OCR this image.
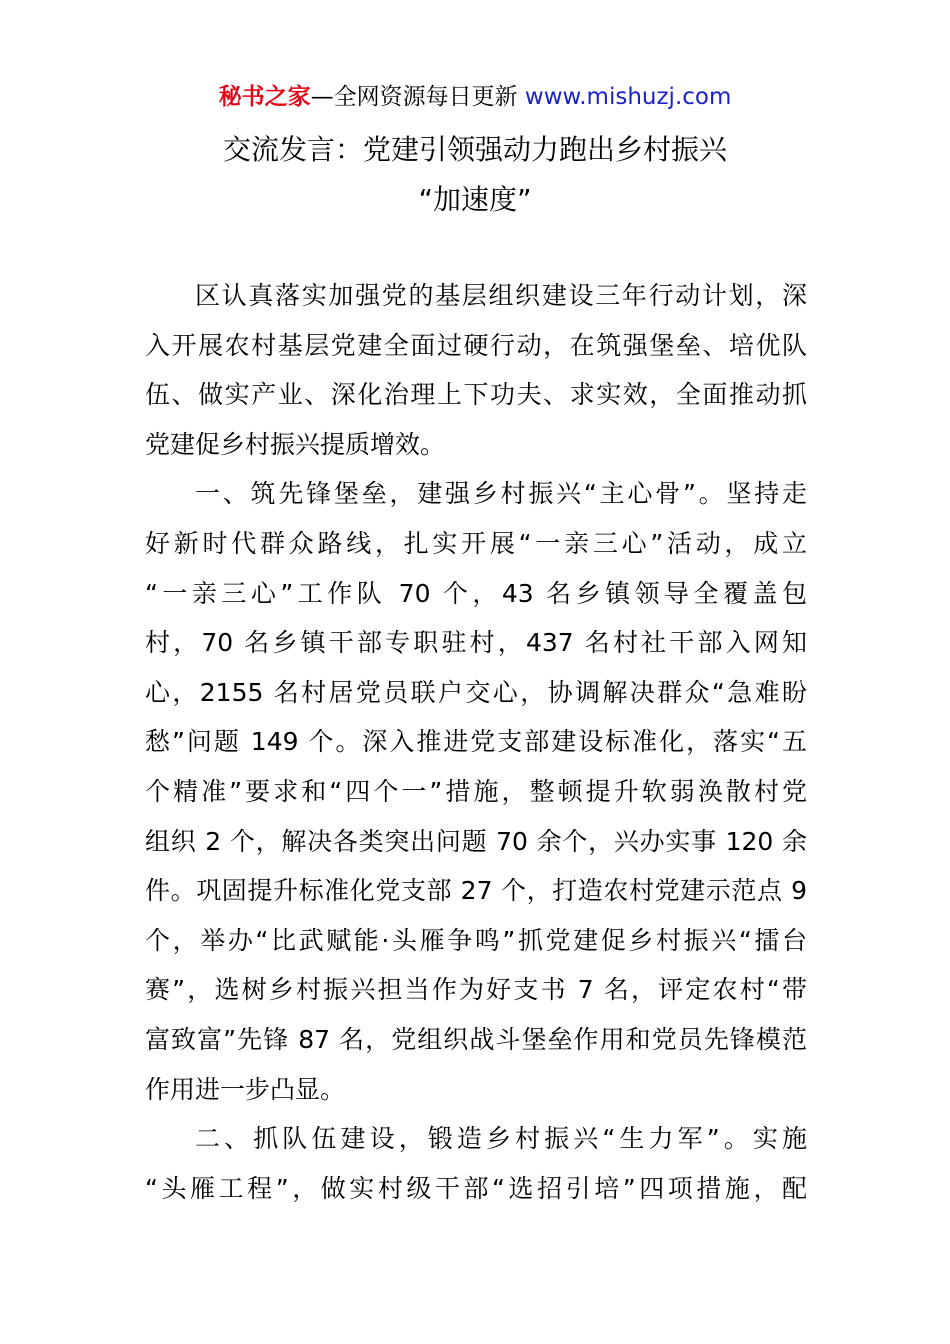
秘书之家—全网资源每日更新 www.mishuzj.com
交流发言：党建引领强动力跑出乡村振兴
“加速度”
区认真落实加强党的基层组织建设三年行动计划，深
入开展农村基层党建全面过硬行动，在筑强堡垒、培优队
伍、做实产业、深化治理上下功夫、求实效，全面推动抓
党建促乡村振兴提质增效。
一、筑先锋堡垒，建强乡村振兴“主心骨”。坚持走
好新时代群众路线，扎实开展“一亲三心”活动，成立
“一亲三心”工作队 70 个，43 名乡镇领导全覆盖包
村，70 名乡镇干部专职驻村，437 名村社干部入网知
心，2155 名村居党员联户交心，协调解决群众“急难盼
愁”问题 149 个。深入推进党支部建设标准化，落实“五
个精准”要求和“四个一”措施，整顿提升软弱涣散村党
组织 2 个，解决各类突出问题 70 余个，兴办实事 120 余
件。巩固提升标准化党支部 27 个，打造农村党建示范点 9
个，举办“比武赋能·头雁争鸣”抓党建促乡村振兴“擂台
赛”，选树乡村振兴担当作为好支书 7 名，评定农村“带
富致富”先锋 87 名，党组织战斗堡垒作用和党员先锋模范
作用进一步凸显。
二、抓队伍建设，锻造乡村振兴“生力军”。实施
“头雁工程”，做实村级干部“选招引培”四项措施，配
